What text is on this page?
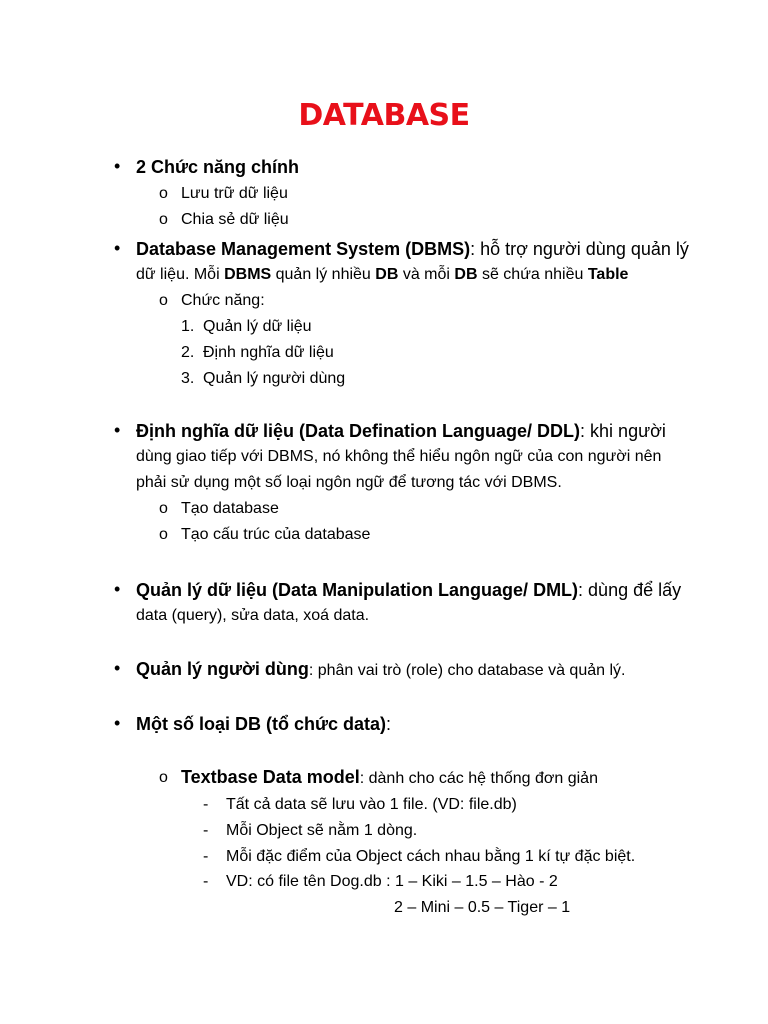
DATABASE
• 2 Chức năng chính
o Lưu trữ dữ liệu
o Chia sẻ dữ liệu
• Database Management System (DBMS): hỗ trợ người dùng quản lý
dữ liệu. Mỗi DBMS quản lý nhiều DB và mỗi DB sẽ chứa nhiều Table
o Chức năng:
1. Quản lý dữ liệu
2. Định nghĩa dữ liệu
3. Quản lý người dùng
• Định nghĩa dữ liệu (Data Defination Language/ DDL): khi người
dùng giao tiếp với DBMS, nó không thể hiểu ngôn ngữ của con người nên
phải sử dụng một số loại ngôn ngữ để tương tác với DBMS.
o Tạo database
o Tạo cấu trúc của database
• Quản lý dữ liệu (Data Manipulation Language/ DML): dùng để lấy
data (query), sửa data, xoá data.
• Quản lý người dùng: phân vai trò (role) cho database và quản lý.
• Một số loại DB (tổ chức data):
o Textbase Data model: dành cho các hệ thống đơn giản
- Tất cả data sẽ lưu vào 1 file. (VD: file.db)
- Mỗi Object sẽ nằm 1 dòng.
- Mỗi đặc điểm của Object cách nhau bằng 1 kí tự đặc biệt.
- VD: có file tên Dog.db : 1 – Kiki – 1.5 – Hào - 2
2 – Mini – 0.5 – Tiger – 1
